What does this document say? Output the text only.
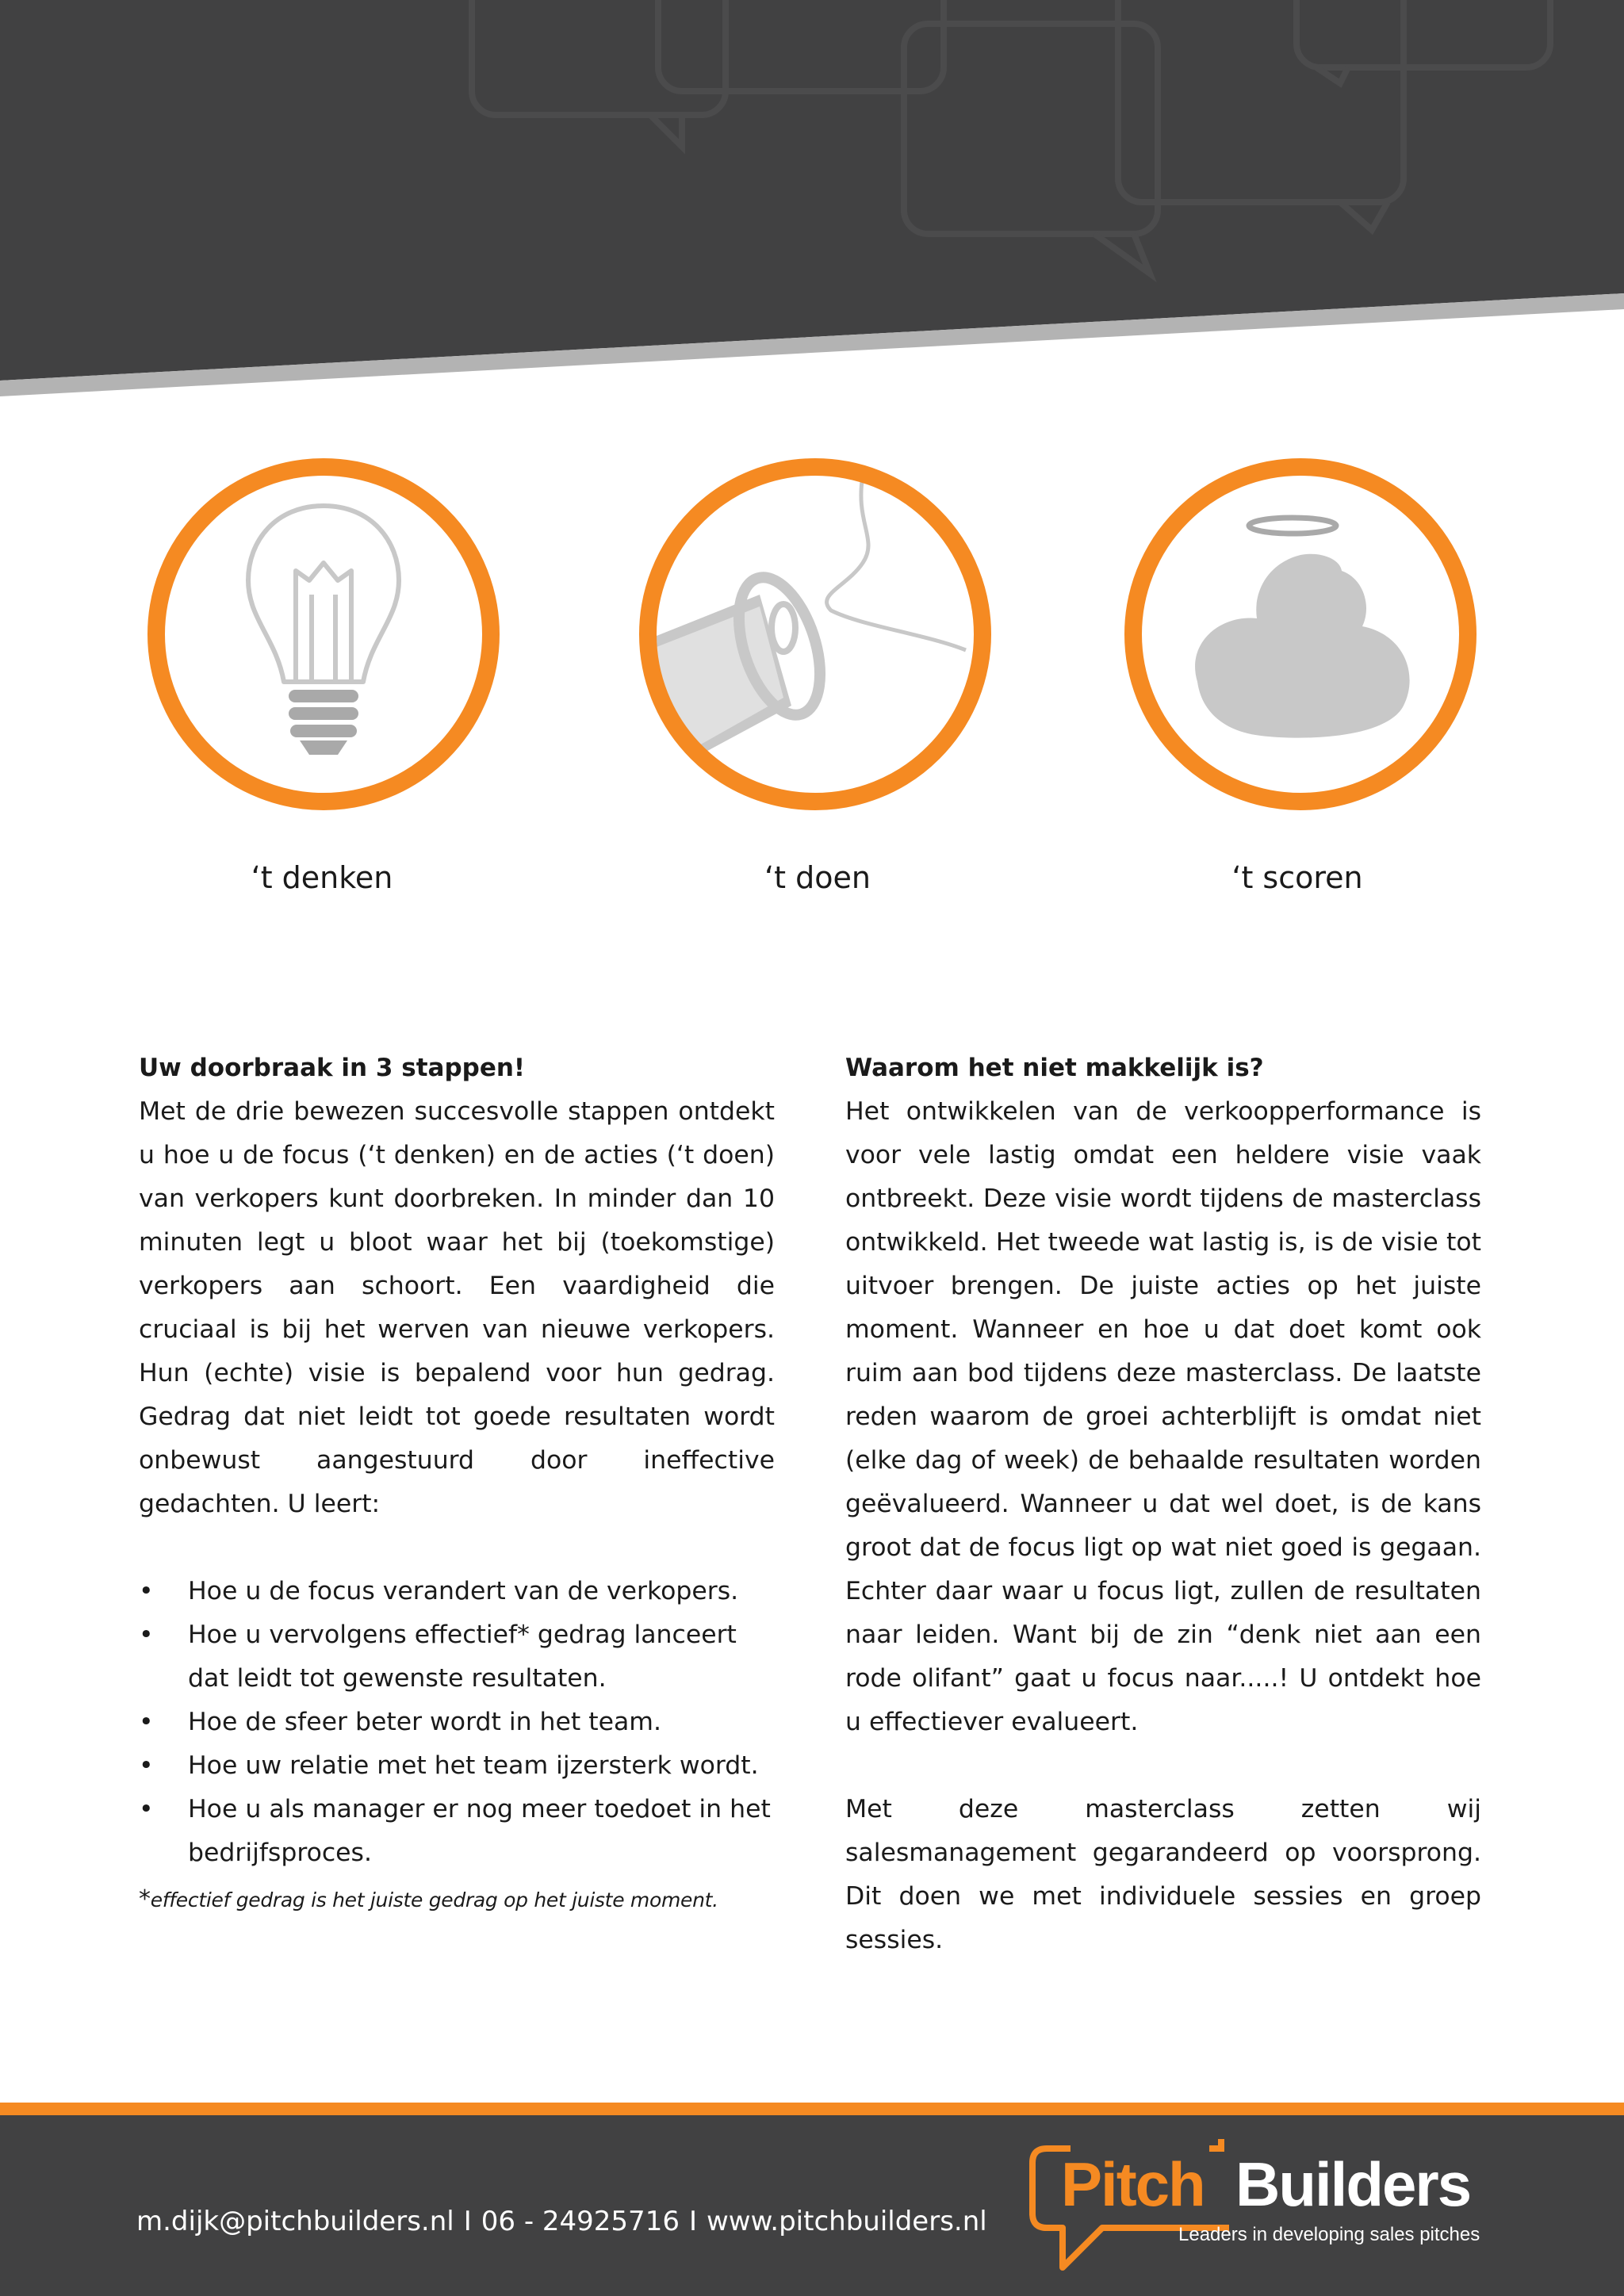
‘t denken	‘t doen	‘t scoren
Uw doorbraak in 3 stappen!

Met de drie bewezen succesvolle stappen ontdekt u hoe u de focus (‘t denken) en de acties (‘t doen) van verkopers kunt doorbreken. In minder dan 10 minuten legt u bloot waar het bij (toekomstige) verkopers aan schoort. Een vaardigheid die cruciaal is bij het werven van nieuwe verkopers. Hun (echte) visie is bepalend voor hun gedrag. Gedrag dat niet leidt tot goede resultaten wordt onbewust aangestuurd door ineffective gedachten. U leert:

• Hoe u de focus verandert van de verkopers.
• Hoe u vervolgens effectief* gedrag lanceert dat leidt tot gewenste resultaten.
• Hoe de sfeer beter wordt in het team.
• Hoe uw relatie met het team ijzersterk wordt.
• Hoe u als manager er nog meer toedoet in het bedrijfsproces.
Waarom het niet makkelijk is?

Het ontwikkelen van de verkoopperformance is voor vele lastig omdat een heldere visie vaak ontbreekt. Deze visie wordt tijdens de masterclass ontwikkeld. Het tweede wat lastig is, is de visie tot uitvoer brengen. De juiste acties op het juiste moment. Wanneer en hoe u dat doet komt ook ruim aan bod tijdens deze masterclass. De laatste reden waarom de groei achterblijft is omdat niet (elke dag of week) de behaalde resultaten worden geëvalueerd. Wanneer u dat wel doet, is de kans groot dat de focus ligt op wat niet goed is gegaan. Echter daar waar u focus ligt, zullen de resultaten naar leiden. Want bij de zin “denk niet aan een rode olifant” gaat u focus naar.....! U ontdekt hoe u effectiever evalueert.

Met deze masterclass zetten wij salesmanagement gegarandeerd op voorsprong. Dit doen we met individuele sessies en groep sessies.

*effectief gedrag is het juiste gedrag op het juiste moment.
m.dijk@pitchbuilders.nl I 06 - 24925716 I www.pitchbuilders.nl
Pitch Builders
Leaders in developing sales pitches
